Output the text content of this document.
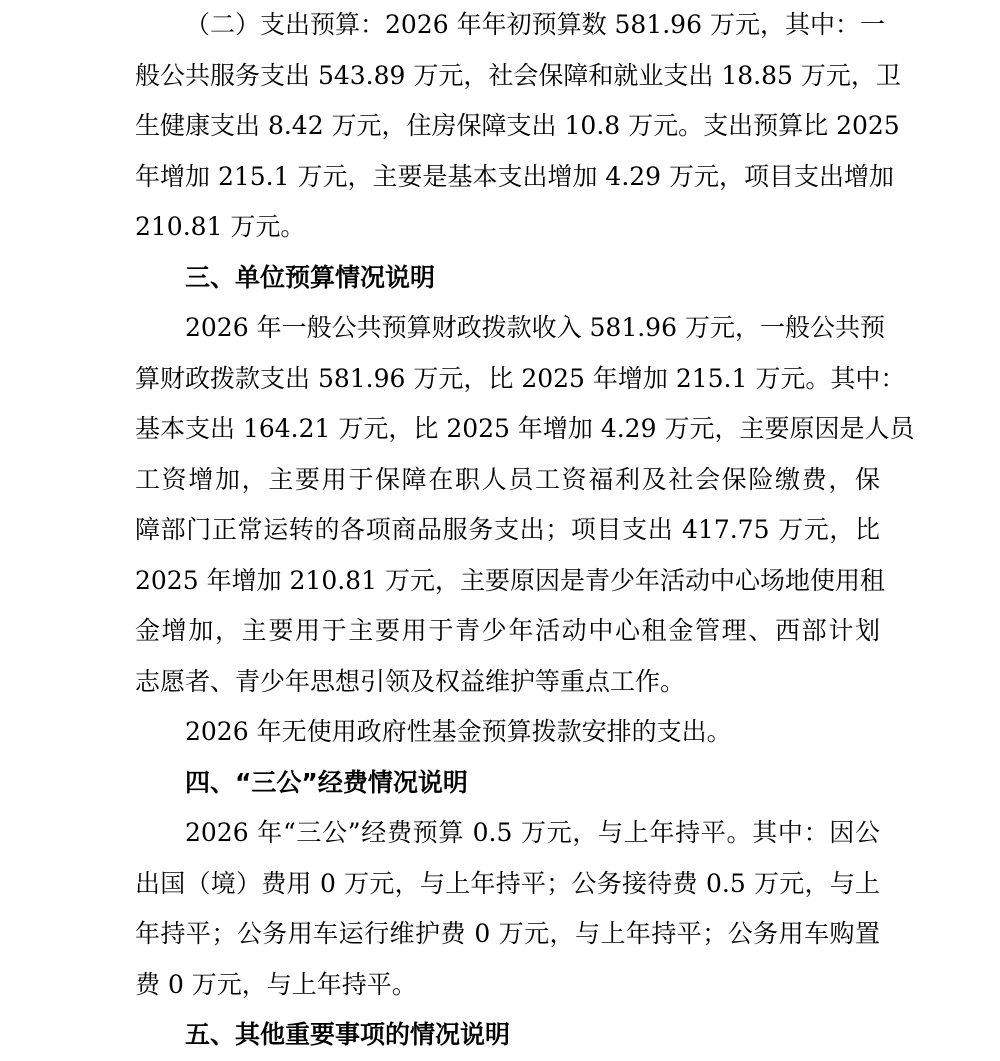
（二）支出预算：2026 年年初预算数 581.96 万元，其中：一
般公共服务支出 543.89 万元，社会保障和就业支出 18.85 万元，卫
生健康支出 8.42 万元，住房保障支出 10.8 万元。支出预算比 2025
年增加 215.1 万元，主要是基本支出增加 4.29 万元，项目支出增加
210.81 万元。
三、单位预算情况说明
2026 年一般公共预算财政拨款收入 581.96 万元，一般公共预
算财政拨款支出 581.96 万元，比 2025 年增加 215.1 万元。其中：
基本支出 164.21 万元，比 2025 年增加 4.29 万元，主要原因是人员
工资增加，主要用于保障在职人员工资福利及社会保险缴费，保
障部门正常运转的各项商品服务支出；项目支出 417.75 万元，比
2025 年增加 210.81 万元，主要原因是青少年活动中心场地使用租
金增加，主要用于主要用于青少年活动中心租金管理、西部计划
志愿者、青少年思想引领及权益维护等重点工作。
2026 年无使用政府性基金预算拨款安排的支出。
四、“三公”经费情况说明
2026 年“三公”经费预算 0.5 万元，与上年持平。其中：因公
出国（境）费用 0 万元，与上年持平；公务接待费 0.5 万元，与上
年持平；公务用车运行维护费 0 万元，与上年持平；公务用车购置
费 0 万元，与上年持平。
五、其他重要事项的情况说明
